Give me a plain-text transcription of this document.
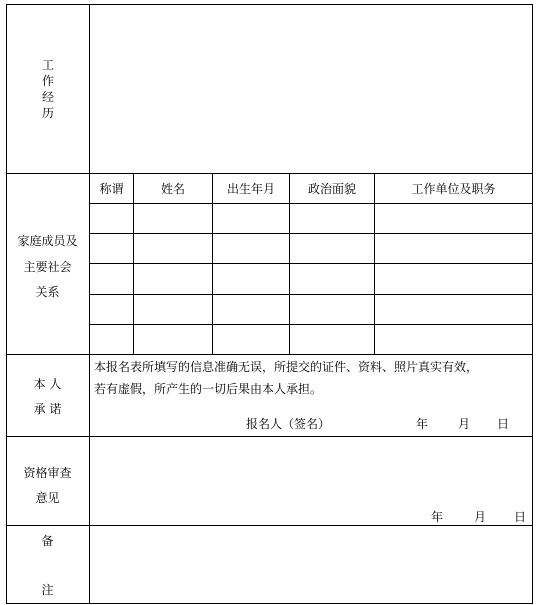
工
作
经
历
家庭成员及
主要社会
关系
称谓	姓名	出生年月	政治面貌	工作单位及职务
本 人
承 诺
本报名表所填写的信息准确无误，所提交的证件、资料、照片真实有效，
若有虚假，所产生的一切后果由本人承担。
报名人（签名）	年 月 日
资格审查
意见
年	月 日
备
注
